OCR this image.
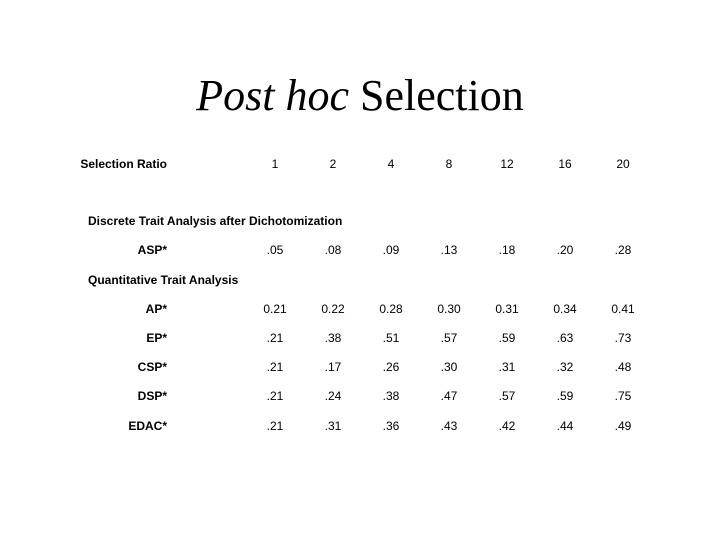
Post hoc Selection
Selection Ratio	1	2	4	8	12	16	20
Discrete Trait Analysis after Dichotomization
ASP*	.05	.08	.09	.13	.18	.20	.28
Quantitative Trait Analysis
AP*	0.21	0.22	0.28	0.30	0.31	0.34	0.41
EP*	.21	.38	.51	.57	.59	.63	.73
CSP*	.21	.17	.26	.30	.31	.32	.48
DSP*	.21	.24	.38	.47	.57	.59	.75
EDAC*	.21	.31	.36	.43	.42	.44	.49
